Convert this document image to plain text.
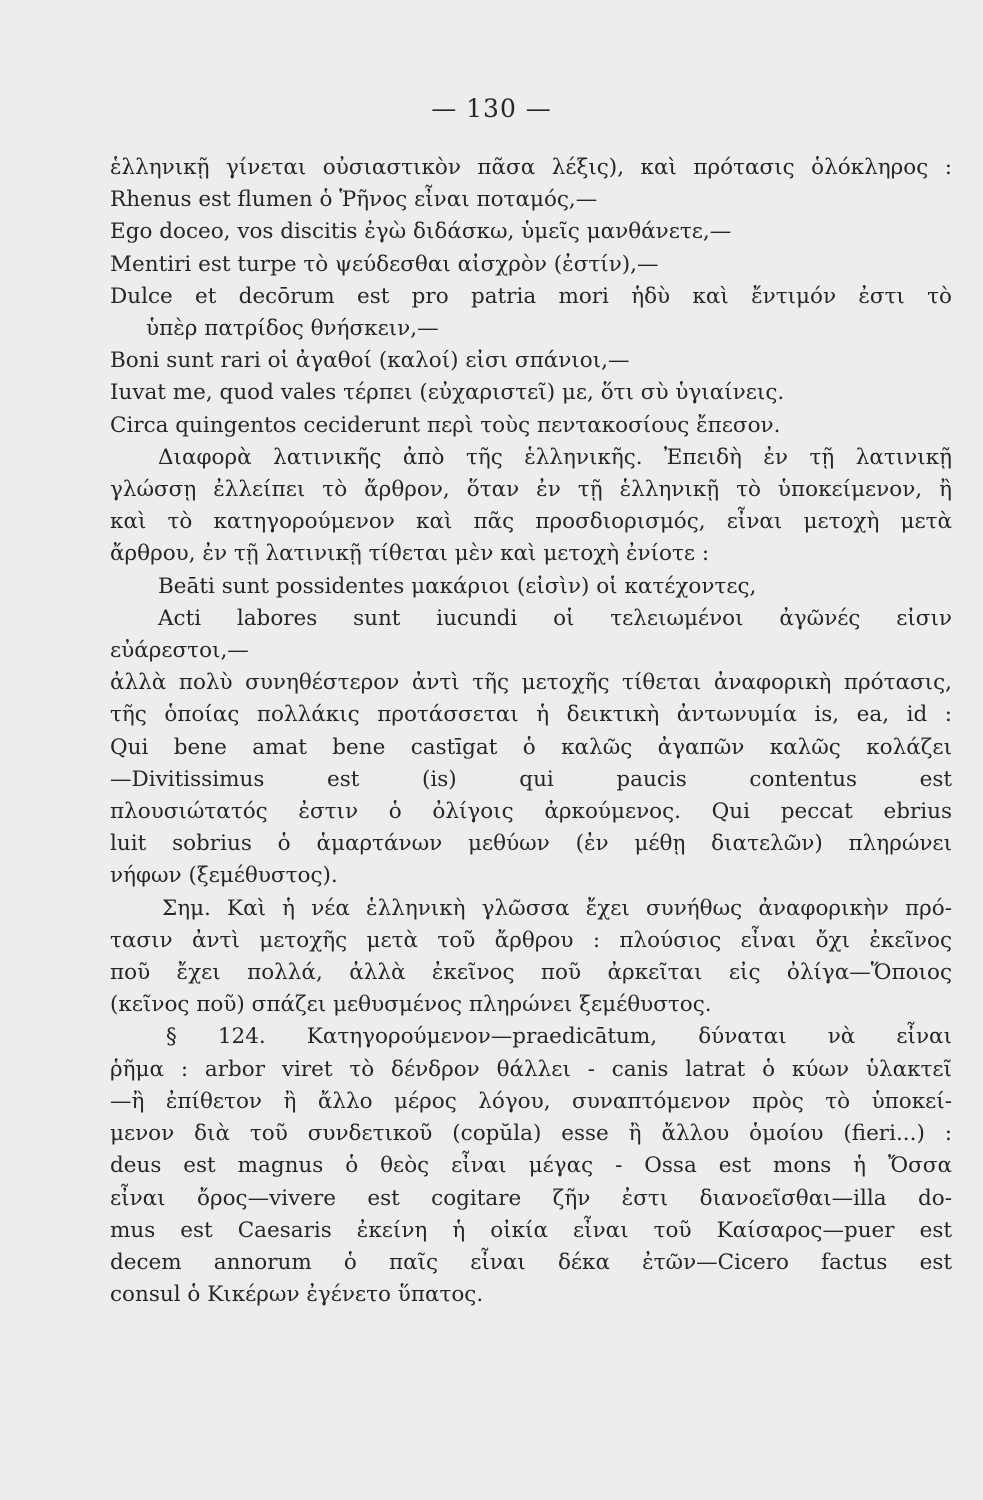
— 130 —
ἑλληνικῇ γίνεται οὐσιαστικὸν πᾶσα λέξις), καὶ πρότασις ὁλόκληρος :
Rhenus est flumen ὁ Ῥῆνος εἶναι ποταμός,—
Ego doceo, vos discitis ἐγὼ διδάσκω, ὑμεῖς μανθάνετε,—
Mentiri est turpe τὸ ψεύδεσθαι αἰσχρὸν (ἐστίν),—
Dulce et decōrum est pro patria mori ἡδὺ καὶ ἔντιμόν ἐστι τὸ
ὑπὲρ πατρίδος θνήσκειν,—
Boni sunt rari οἱ ἀγαθοί (καλοί) εἰσι σπάνιοι,—
Iuvat me, quod vales τέρπει (εὐχαριστεῖ) με, ὅτι σὺ ὑγιαίνεις.
Circa quingentos ceciderunt περὶ τοὺς πεντακοσίους ἔπεσον.
Διαφορὰ λατινικῆς ἀπὸ τῆς ἑλληνικῆς. Ἐπειδὴ ἐν τῇ λατινικῇ
γλώσσῃ ἐλλείπει τὸ ἄρθρον, ὅταν ἐν τῇ ἑλληνικῇ τὸ ὑποκείμενον, ἢ
καὶ τὸ κατηγορούμενον καὶ πᾶς προσδιορισμός, εἶναι μετοχὴ μετὰ
ἄρθρου, ἐν τῇ λατινικῇ τίθεται μὲν καὶ μετοχὴ ἐνίοτε :
Beāti sunt possidentes μακάριοι (εἰσὶν) οἱ κατέχοντες,
Acti labores sunt iucundi οἱ τελειωμένοι ἀγῶνές εἰσιν
εὐάρεστοι,—
ἀλλὰ πολὺ συνηθέστερον ἀντὶ τῆς μετοχῆς τίθεται ἀναφορικὴ πρότασις,
τῆς ὁποίας πολλάκις προτάσσεται ἡ δεικτικὴ ἀντωνυμία is, ea, id :
Qui bene amat bene castīgat ὁ καλῶς ἀγαπῶν καλῶς κολάζει
—Divitissimus est (is) qui paucis contentus est
πλουσιώτατός ἐστιν ὁ ὀλίγοις ἀρκούμενος. Qui peccat ebrius
luit sobrius ὁ ἁμαρτάνων μεθύων (ἐν μέθῃ διατελῶν) πληρώνει
νήφων (ξεμέθυστος).
Σημ. Καὶ ἡ νέα ἑλληνικὴ γλῶσσα ἔχει συνήθως ἀναφορικὴν πρό-
τασιν ἀντὶ μετοχῆς μετὰ τοῦ ἄρθρου : πλούσιος εἶναι ὄχι ἐκεῖνος
ποῦ ἔχει πολλά, ἀλλὰ ἐκεῖνος ποῦ ἀρκεῖται εἰς ὀλίγα—Ὅποιος
(κεῖνος ποῦ) σπάζει μεθυσμένος πληρώνει ξεμέθυστος.
§ 124. Κατηγορούμενον—praedicātum, δύναται νὰ εἶναι
ῥῆμα : arbor viret τὸ δένδρον θάλλει - canis latrat ὁ κύων ὑλακτεῖ
—ἢ ἐπίθετον ἢ ἄλλο μέρος λόγου, συναπτόμενον πρὸς τὸ ὑποκεί-
μενον διὰ τοῦ συνδετικοῦ (copŭla) esse ἢ ἄλλου ὁμοίου (fieri...) :
deus est magnus ὁ θεὸς εἶναι μέγας - Ossa est mons ἡ Ὄσσα
εἶναι ὄρος—vivere est cogitare ζῆν ἐστι διανοεῖσθαι—illa do-
mus est Caesaris ἐκείνη ἡ οἰκία εἶναι τοῦ Καίσαρος—puer est
decem annorum ὁ παῖς εἶναι δέκα ἐτῶν—Cicero factus est
consul ὁ Κικέρων ἐγένετο ὕπατος.
